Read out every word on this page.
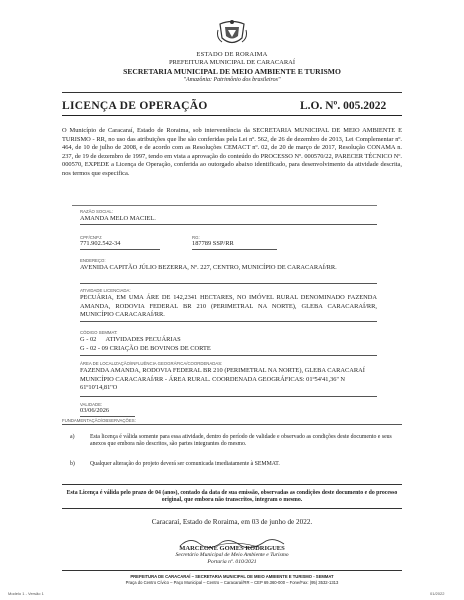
ESTADO DE RORAIMA
PREFEITURA MUNICIPAL DE CARACARAÍ
SECRETARIA MUNICIPAL DE MEIO AMBIENTE E TURISMO
"Amazônia: Patrimônio dos brasileiros"
LICENÇA DE OPERAÇÃO	L.O. Nº. 005.2022
O Município de Caracaraí, Estado de Roraima, sob interveniência da SECRETARIA MUNICIPAL DE MEIO AMBIENTE E TURISMO - RR, no uso das atribuições que lhe são conferidas pela Lei nº. 562, de 26 de dezembro de 2013, Lei Complementar nº. 464, de 10 de julho de 2008, e de acordo com as Resoluções CEMACT nº. 02, de 20 de março de 2017, Resolução CONAMA n. 237, de 19 de dezembro de 1997, tendo em vista a aprovação do conteúdo do PROCESSO Nº. 000570/22, PARECER TÉCNICO Nº. 000570, EXPEDE a Licença de Operação, conferida ao outorgado abaixo identificado, para desenvolvimento da atividade descrita, nos termos que especifica.
RAZÃO SOCIAL:
AMANDA MELO MACIEL.
CPF/CNPJ:
771.902.542-34
RG:
187789 SSP/RR
ENDEREÇO:
AVENIDA CAPITÃO JÚLIO BEZERRA, Nº. 227, CENTRO, MUNICÍPIO DE CARACARAÍ/RR.
ATIVIDADE LICENCIADA:
PECUÁRIA, EM UMA ÁRE DE 142,2341 HECTARES, NO IMÓVEL RURAL DENOMINADO FAZENDA AMANDA, RODOVIA FEDERAL BR 210 (PERIMETRAL NA NORTE), GLEBA CARACARAÍ/RR, MUNICÍPIO CARACARAÍ/RR.
CÓDIGO SEMMAT:
G - 02      ATIVIDADES PECUÁRIAS
G - 02 - 09 CRIAÇÃO DE BOVINOS DE CORTE
ÁREA DE LOCALIZAÇÃO/INFLUÊNCIA GEOGRÁFICA/COORDENADAS:
FAZENDA AMANDA, RODOVIA FEDERAL BR 210 (PERIMETRAL NA NORTE), GLEBA CARACARAÍ MUNICÍPIO CARACARAÍ/RR - ÁREA RURAL. COORDENADA GEOGRÁFICAS: 01º54'41,36'' N 61º10'14,81''O
VALIDADE:
03/06/2026
FUNDAMENTAÇÃO/OBSERVAÇÕES:
a)	Esta licença é válida somente para essa atividade, dentro do período de validade e observado as condições deste documento e seus anexos que embora não descritos, são partes integrantes do mesmo.
b)	Qualquer alteração do projeto deverá ser comunicada imediatamente à SEMMAT.
Esta Licença é válida pelo prazo de 04 (anos), contado da data de sua emissão, observadas as condições deste documento e do processo original, que embora não transcritos, integram o mesmo.
Caracaraí, Estado de Roraima, em 03 de junho de 2022.
MARCEONE GOMES RODRIGUES
Secretário Municipal de Meio Ambiente e Turismo
Portaria nº. 010/2021
PREFEITURA DE CARACARAÍ – SECRETARIA MUNICIPAL DE MEIO AMBIENTE E TURISMO - SEMMAT
Praça do Centro Cívico – Paço Municipal – Centro – Caracaraí/RR – CEP 69.360-000 – Fone/Fax: (95) 3532-1313
Modelo 1 - Versão 1	01/2022
